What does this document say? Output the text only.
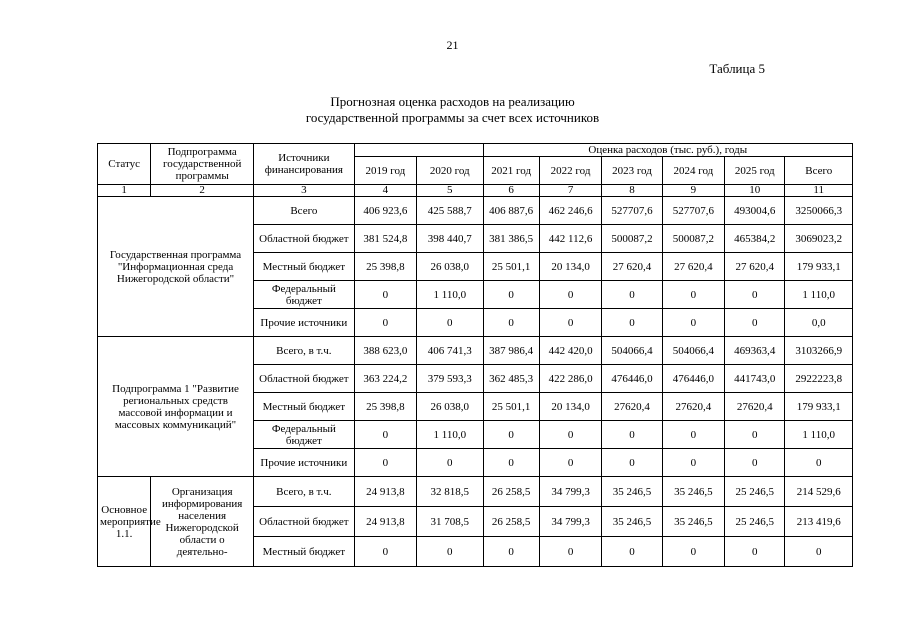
21
Таблица 5
Прогнозная оценка расходов на реализацию
государственной программы за счет всех источников
Статус	Подпрограмма государственной программы	Источники финансирования			Оценка расходов (тыс. руб.), годы					
			2019 год	2020 год	2021 год	2022 год	2023 год	2024 год	2025 год	Всего
1	2	3	4	5	6	7	8	9	10	11
Государственная программа "Информационная среда Нижегородской области"		Всего	406 923,6	425 588,7	406 887,6	462 246,6	527707,6	527707,6	493004,6	3250066,3
		Областной бюджет	381 524,8	398 440,7	381 386,5	442 112,6	500087,2	500087,2	465384,2	3069023,2
		Местный бюджет	25 398,8	26 038,0	25 501,1	20 134,0	27 620,4	27 620,4	27 620,4	179 933,1
		Федеральный бюджет	0	1 110,0	0	0	0	0	0	1 110,0
		Прочие источники	0	0	0	0	0	0	0	0,0
Подпрограмма 1 "Развитие региональных средств массовой информации и массовых коммуникаций"		Всего, в т.ч.	388 623,0	406 741,3	387 986,4	442 420,0	504066,4	504066,4	469363,4	3103266,9
		Областной бюджет	363 224,2	379 593,3	362 485,3	422 286,0	476446,0	476446,0	441743,0	2922223,8
		Местный бюджет	25 398,8	26 038,0	25 501,1	20 134,0	27620,4	27620,4	27620,4	179 933,1
		Федеральный бюджет	0	1 110,0	0	0	0	0	0	1 110,0
		Прочие источники	0	0	0	0	0	0	0	0
Основное мероприятие 1.1.	Организация информирования населения Нижегородской области о деятельно-	Всего, в т.ч.	24 913,8	32 818,5	26 258,5	34 799,3	35 246,5	35 246,5	25 246,5	214 529,6
		Областной бюджет	24 913,8	31 708,5	26 258,5	34 799,3	35 246,5	35 246,5	25 246,5	213 419,6
		Местный бюджет	0	0	0	0	0	0	0	0
